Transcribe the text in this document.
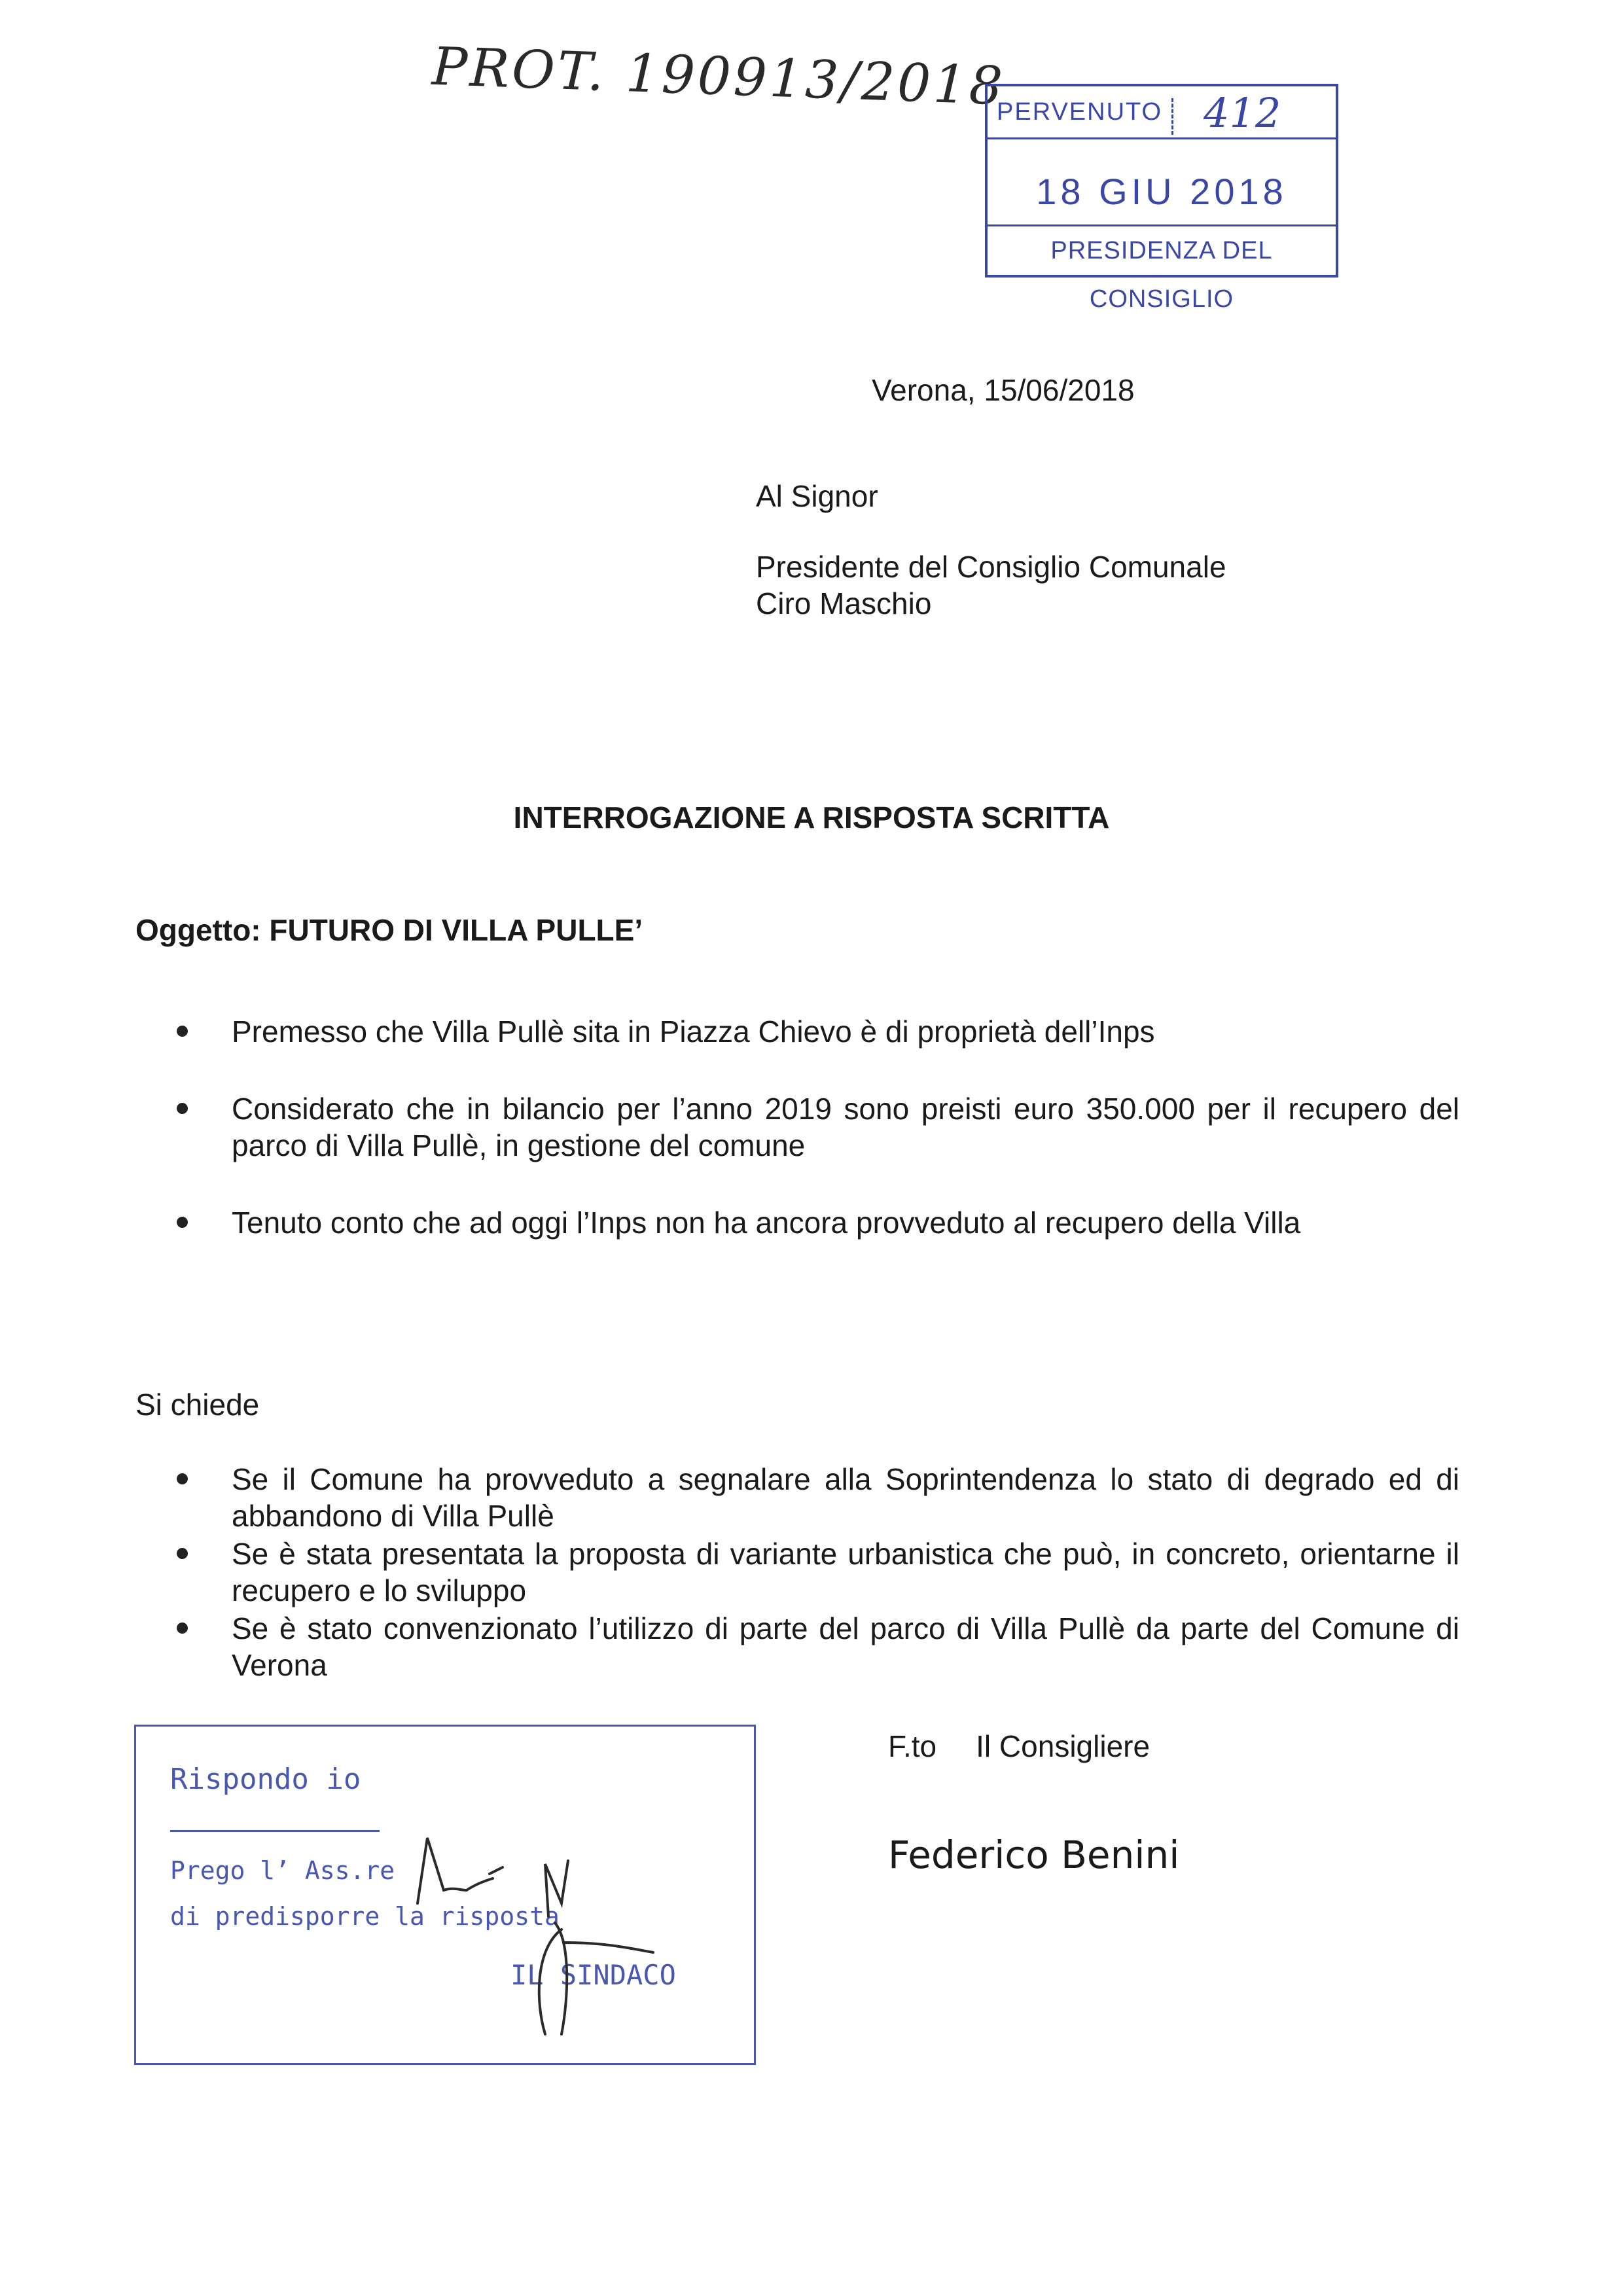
PROT. 190913/2018
PERVENUTO 412
18 GIU 2018
PRESIDENZA DEL CONSIGLIO
Verona, 15/06/2018
Al Signor
Presidente del Consiglio Comunale
Ciro Maschio
INTERROGAZIONE A RISPOSTA SCRITTA
Oggetto: FUTURO DI VILLA PULLE’
Premesso che Villa Pullè sita in Piazza Chievo è di proprietà dell’Inps
Considerato che in bilancio per l’anno 2019 sono preisti euro 350.000 per il recupero del parco di Villa Pullè, in gestione del comune
Tenuto conto che ad oggi l’Inps non ha ancora provveduto al recupero della Villa
Si chiede
Se il Comune ha provveduto a segnalare alla Soprintendenza lo stato di degrado ed di abbandono di Villa Pullè
Se è stata presentata la proposta di variante urbanistica che può, in concreto, orientarne il recupero e lo sviluppo
Se è stato convenzionato l’utilizzo di parte del parco di Villa Pullè da parte del Comune di Verona
Rispondo io
Prego l’ Ass.re
di predisporre la risposta
IL SINDACO
F.to Il Consigliere
Federico Benini
